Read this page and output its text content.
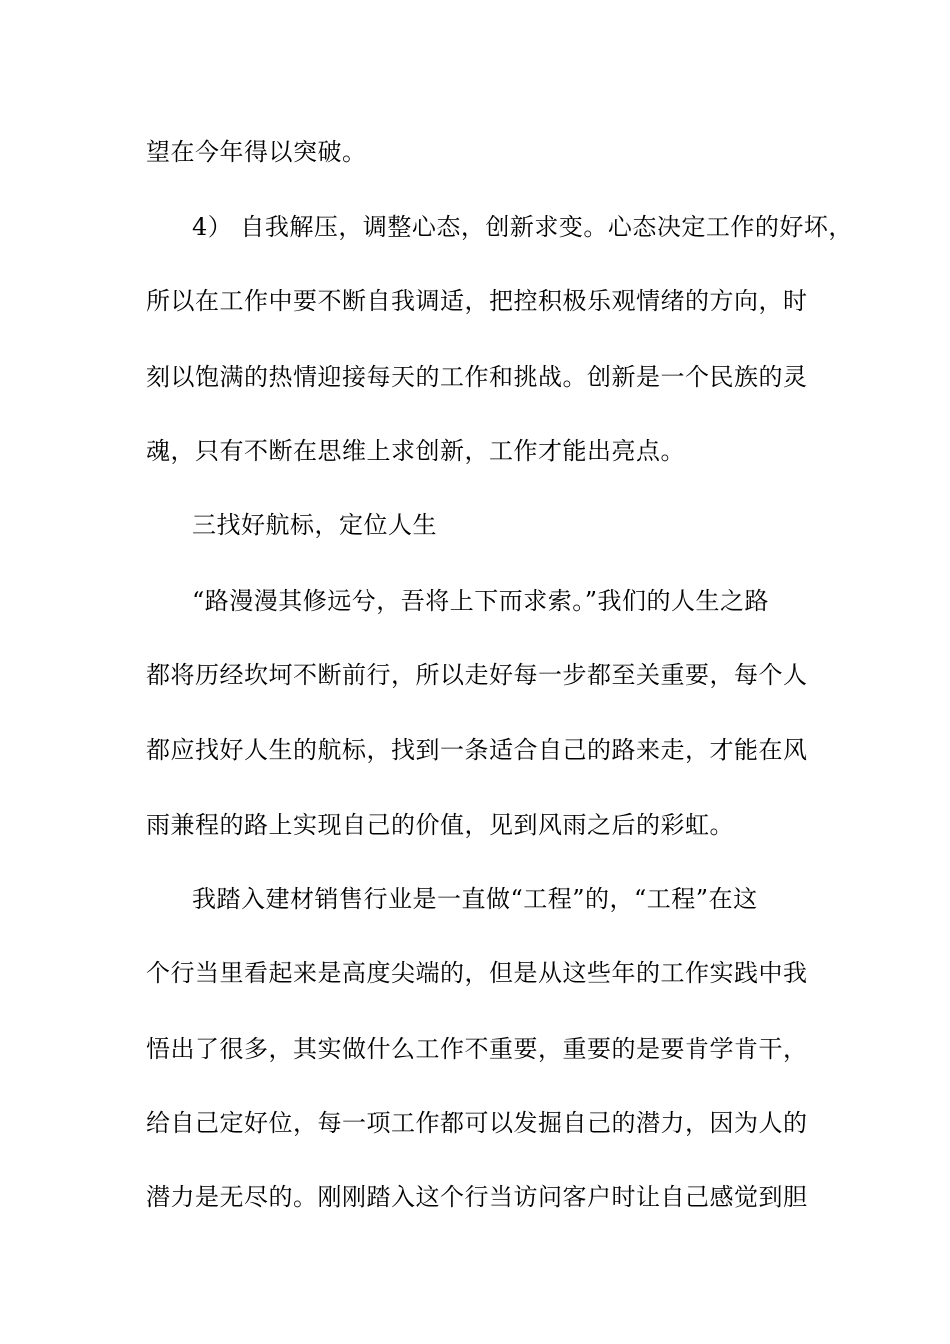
望在今年得以突破。
4） 自我解压，调整心态，创新求变。心态决定工作的好坏，
所以在工作中要不断自我调适，把控积极乐观情绪的方向，时
刻以饱满的热情迎接每天的工作和挑战。创新是一个民族的灵
魂，只有不断在思维上求创新，工作才能出亮点。
三找好航标，定位人生
“路漫漫其修远兮，吾将上下而求索。”我们的人生之路
都将历经坎坷不断前行，所以走好每一步都至关重要，每个人
都应找好人生的航标，找到一条适合自己的路来走，才能在风
雨兼程的路上实现自己的价值，见到风雨之后的彩虹。
我踏入建材销售行业是一直做“工程”的，“工程”在这
个行当里看起来是高度尖端的，但是从这些年的工作实践中我
悟出了很多，其实做什么工作不重要，重要的是要肯学肯干，
给自己定好位，每一项工作都可以发掘自己的潜力，因为人的
潜力是无尽的。刚刚踏入这个行当访问客户时让自己感觉到胆
